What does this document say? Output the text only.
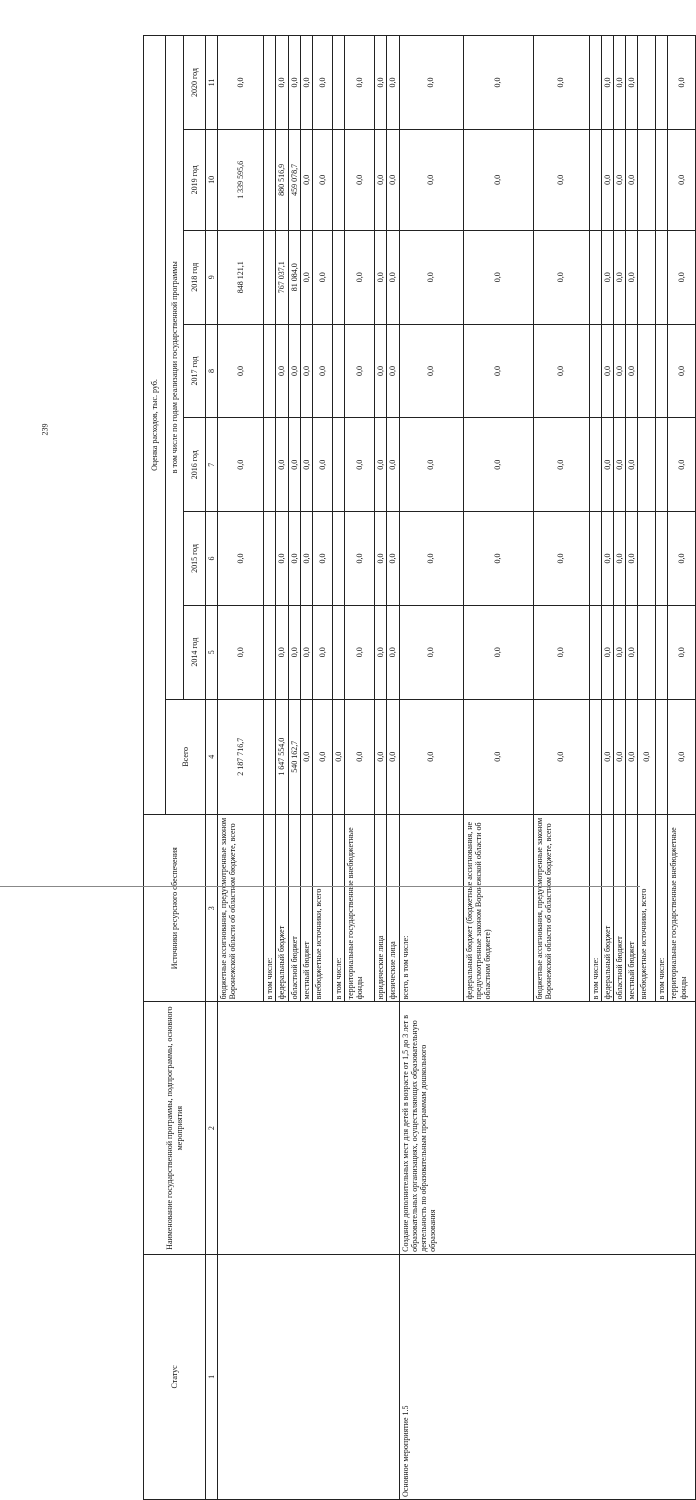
239
Статус	Наименование государственной программы, подпрограммы, основного мероприятия	Источники ресурсного обеспечения	Оценка расходов, тыс. руб.							
			Всего	в том числе по годам реализации государственной программы						
				2014 год	2015 год	2016 год	2017 год	2018 год	2019 год	2020 год
1	2	3	4	5	6	7	8	9	10	11
		бюджетные ассигнования, предусмотренные законом Воронежской области об областном бюджете, всего	2 187 716,7	0,0	0,0	0,0	0,0	848 121,1	1 339 595,6	0,0
		в том числе:								
		федеральный бюджет	1 647 554,0	0,0	0,0	0,0	0,0	767 037,1	880 516,9	0,0
		областной бюджет	540 162,7	0,0	0,0	0,0	0,0	81 084,0	459 078,7	0,0
		местный бюджет	0,0	0,0	0,0	0,0	0,0	0,0	0,0	0,0
		внебюджетные источники, всего	0,0	0,0	0,0	0,0	0,0	0,0	0,0	0,0
		в том числе:	0,0							
		территориальные государственные внебюджетные фонды	0,0	0,0	0,0	0,0	0,0	0,0	0,0	0,0
		юридические лица	0,0	0,0	0,0	0,0	0,0	0,0	0,0	0,0
		физические лица	0,0	0,0	0,0	0,0	0,0	0,0	0,0	0,0
Основное мероприятие 1.5	Создание дополнительных мест для детей в возрасте от 1,5 до 3 лет в образовательных организациях, осуществляющих образовательную деятельность по образовательным программам дошкольного образования	всего, в том числе:	0,0	0,0	0,0	0,0	0,0	0,0	0,0	0,0
		федеральный бюджет (бюджетные ассигнования, не предусмотренные законом Воронежской области об областном бюджете)	0,0	0,0	0,0	0,0	0,0	0,0	0,0	0,0
		бюджетные ассигнования, предусмотренные законом Воронежской области об областном бюджете, всего	0,0	0,0	0,0	0,0	0,0	0,0	0,0	0,0
		в том числе:								
		федеральный бюджет	0,0	0,0	0,0	0,0	0,0	0,0	0,0	0,0
		областной бюджет	0,0	0,0	0,0	0,0	0,0	0,0	0,0	0,0
		местный бюджет	0,0	0,0	0,0	0,0	0,0	0,0	0,0	0,0
		внебюджетные источники, всего	0,0							
		в том числе:								
		территориальные государственные внебюджетные фонды	0,0	0,0	0,0	0,0	0,0	0,0	0,0	0,0
